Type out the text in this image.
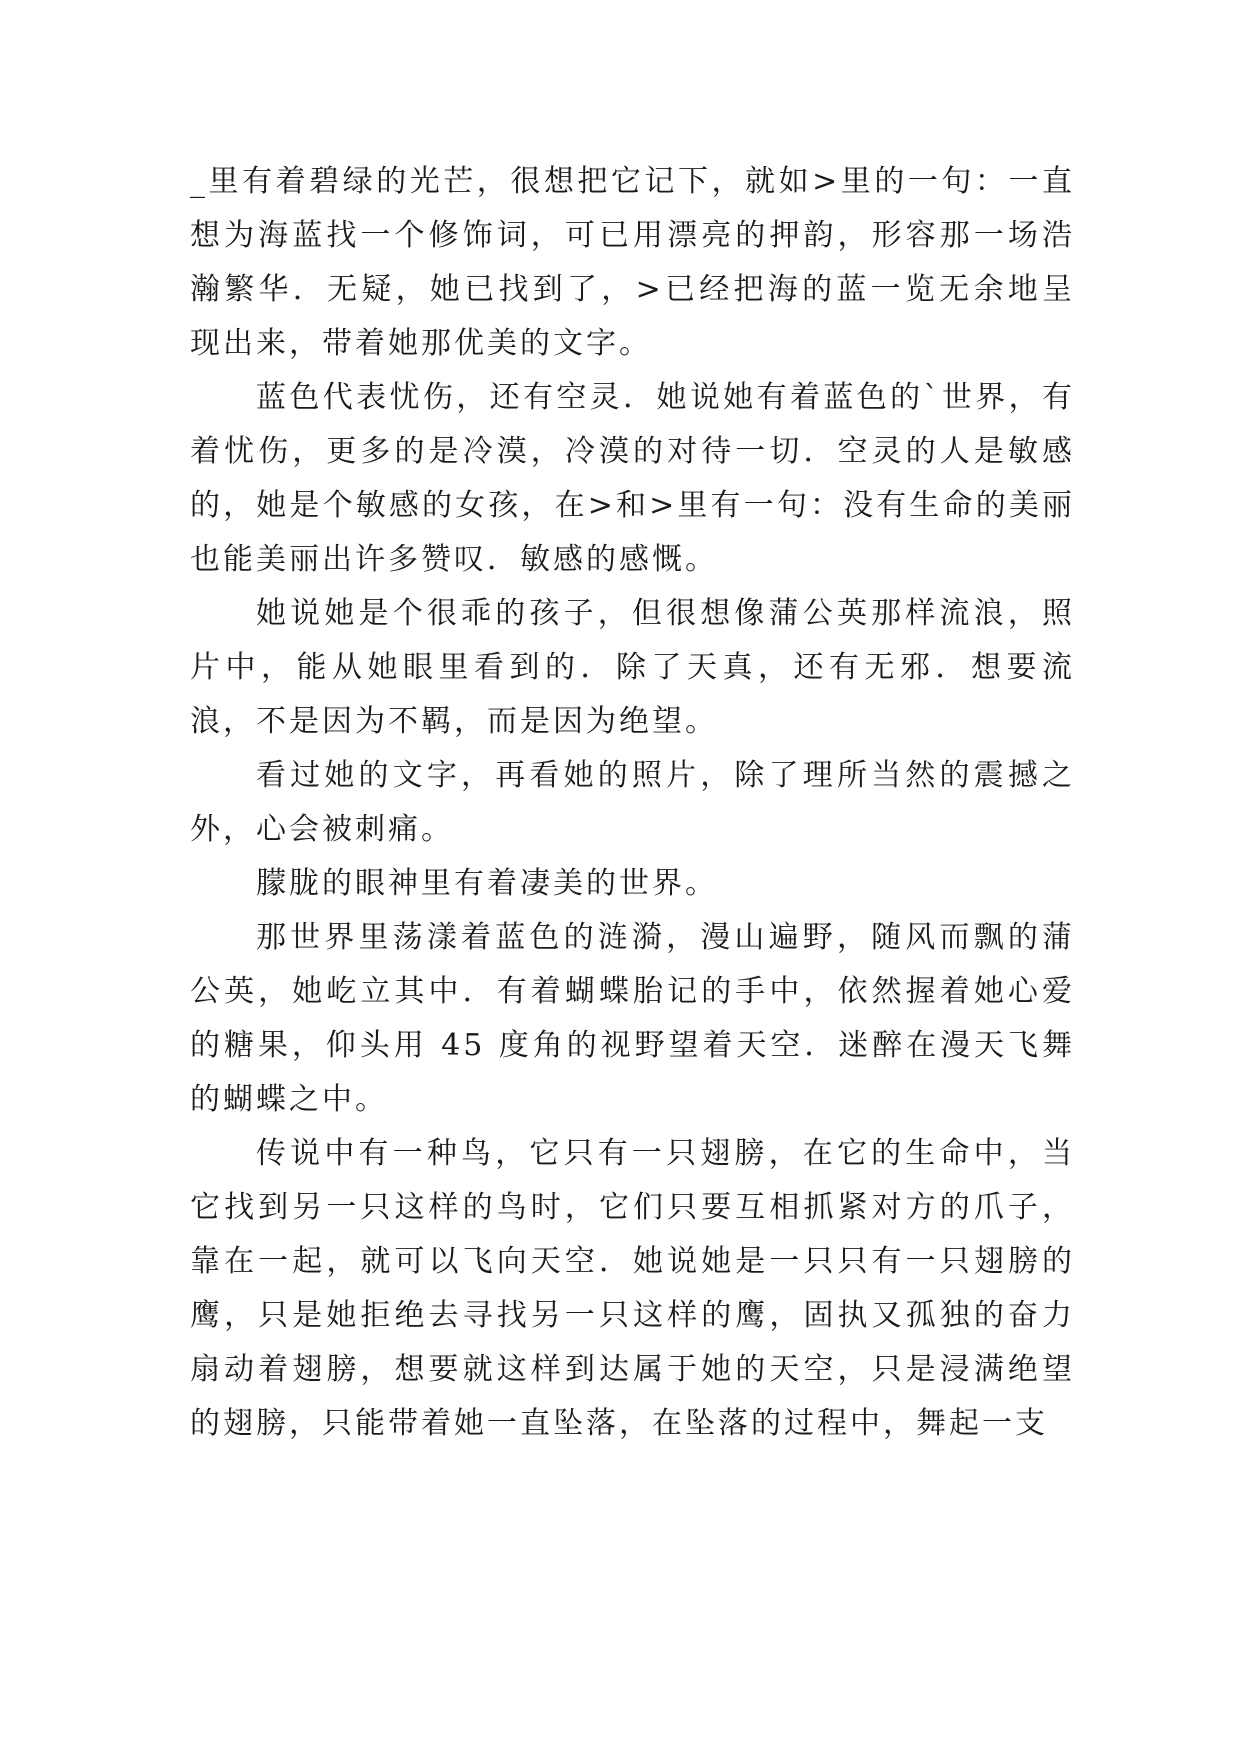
_里有着碧绿的光芒，很想把它记下，就如>里的一句：一直想为海蓝找一个修饰词，可已用漂亮的押韵，形容那一场浩瀚繁华．无疑，她已找到了，>已经把海的蓝一览无余地呈现出来，带着她那优美的文字。

蓝色代表忧伤，还有空灵．她说她有着蓝色的`世界，有着忧伤，更多的是冷漠，冷漠的对待一切．空灵的人是敏感的，她是个敏感的女孩，在>和>里有一句：没有生命的美丽也能美丽出许多赞叹．敏感的感慨。

她说她是个很乖的孩子，但很想像蒲公英那样流浪，照片中，能从她眼里看到的．除了天真，还有无邪．想要流浪，不是因为不羁，而是因为绝望。

看过她的文字，再看她的照片，除了理所当然的震撼之外，心会被刺痛。

朦胧的眼神里有着凄美的世界。

那世界里荡漾着蓝色的涟漪，漫山遍野，随风而飘的蒲公英，她屹立其中．有着蝴蝶胎记的手中，依然握着她心爱的糖果，仰头用 45 度角的视野望着天空．迷醉在漫天飞舞的蝴蝶之中。

传说中有一种鸟，它只有一只翅膀，在它的生命中，当它找到另一只这样的鸟时，它们只要互相抓紧对方的爪子，靠在一起，就可以飞向天空．她说她是一只只有一只翅膀的鹰，只是她拒绝去寻找另一只这样的鹰，固执又孤独的奋力扇动着翅膀，想要就这样到达属于她的天空，只是浸满绝望的翅膀，只能带着她一直坠落，在坠落的过程中，舞起一支
